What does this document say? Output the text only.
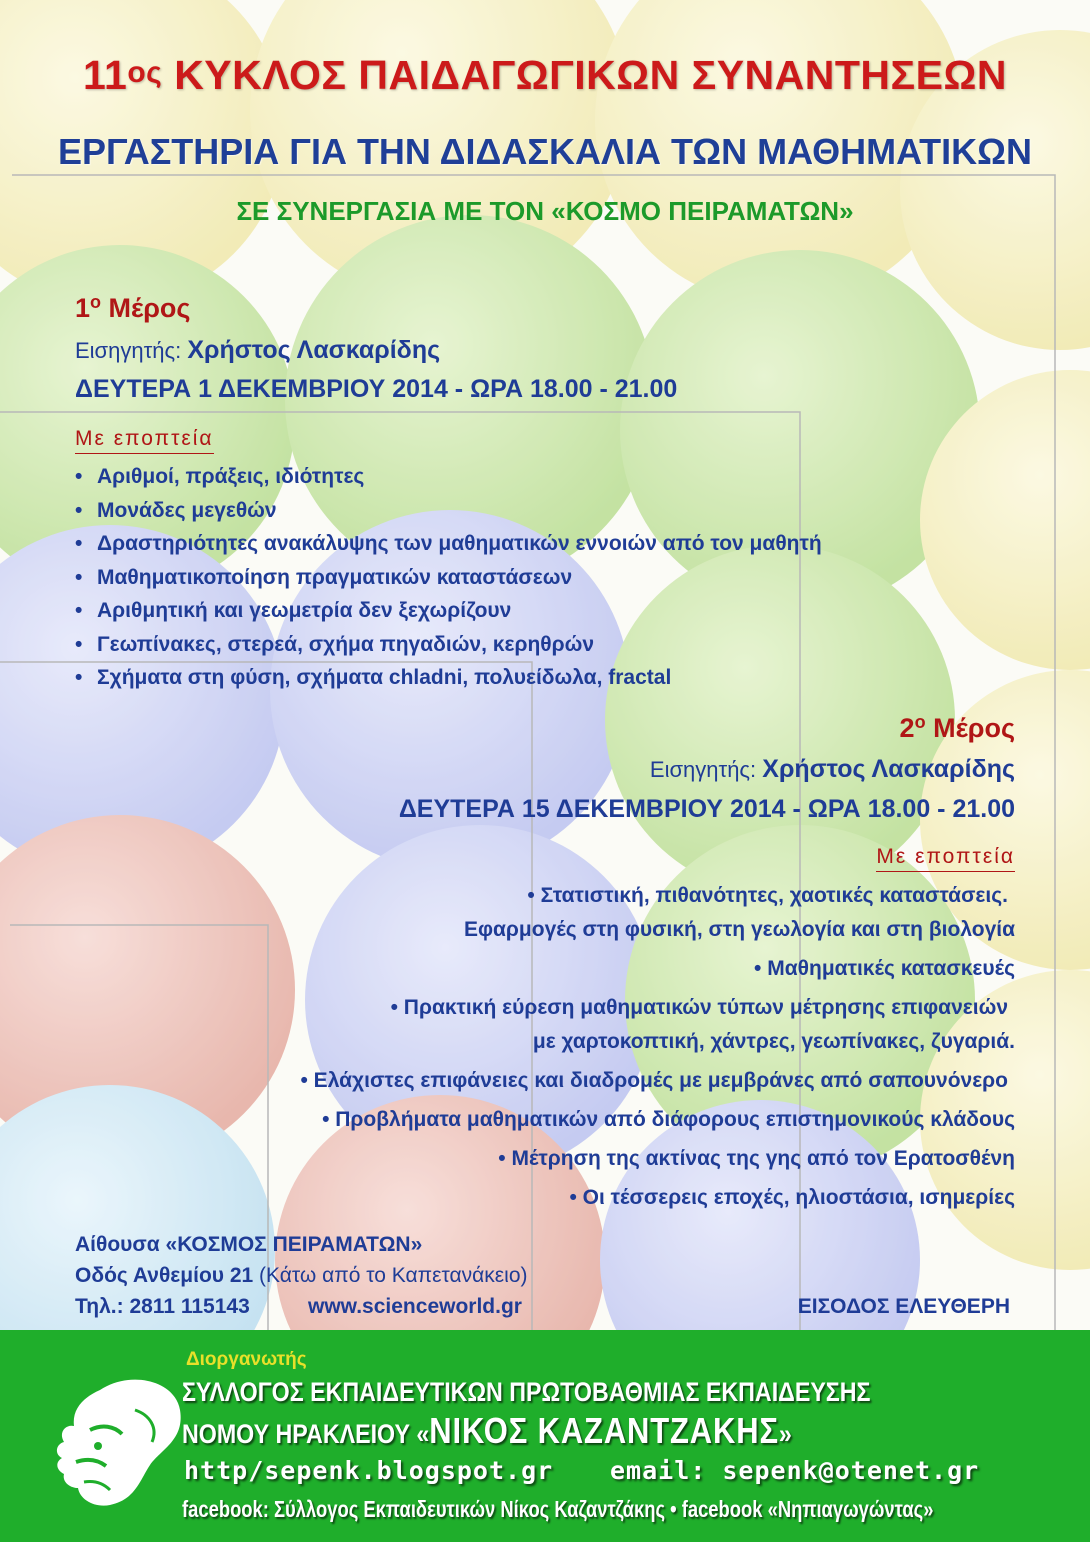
$11^{o\varsigma}$ ΚΥΚΛΟΣ ΠΑΙΔΑΓΩΓΙΚΩΝ ΣΥΝΑΝΤΗΣΕΩΝ
ΕΡΓΑΣΤΗΡΙΑ ΓΙΑ ΤΗΝ ΔΙΔΑΣΚΑΛΙΑ ΤΩΝ ΜΑΘΗΜΑΤΙΚΩΝ
ΣΕ ΣΥΝΕΡΓΑΣΙΑ ΜΕ ΤΟΝ «ΚΟΣΜΟ ΠΕΙΡΑΜΑΤΩΝ»
$1^o$ Μέρος
Εισηγητής: Χρήστος Λασκαρίδης
ΔΕΥΤΕΡΑ 1 ΔΕΚΕΜΒΡΙΟΥ 2014 - ΩΡΑ 18.00 - 21.00
Με εποπτεία
• Αριθμοί, πράξεις, ιδιότητες
• Μονάδες μεγεθών
• Δραστηριότητες ανακάλυψης των μαθηματικών εννοιών από τον μαθητή
• Μαθηματικοποίηση πραγματικών καταστάσεων
• Αριθμητική και γεωμετρία δεν ξεχωρίζουν
• Γεωπίνακες, στερεά, σχήμα πηγαδιών, κερηθρών
• Σχήματα στη φύση, σχήματα chladni, πολυείδωλα, fractal
$2^o$ Μέρος
Εισηγητής: Χρήστος Λασκαρίδης
ΔΕΥΤΕΡΑ 15 ΔΕΚΕΜΒΡΙΟΥ 2014 - ΩΡΑ 18.00 - 21.00
Με εποπτεία
• Στατιστική, πιθανότητες, χαοτικές καταστάσεις.
Εφαρμογές στη φυσική, στη γεωλογία και στη βιολογία
• Μαθηματικές κατασκευές
• Πρακτική εύρεση μαθηματικών τύπων μέτρησης επιφανειών
με χαρτοκοπτική, χάντρες, γεωπίνακες, ζυγαριά.
• Ελάχιστες επιφάνειες και διαδρομές με μεμβράνες από σαπουνόνερο
• Προβλήματα μαθηματικών από διάφορους επιστημονικούς κλάδους
• Μέτρηση της ακτίνας της γης από τον Ερατοσθένη
• Οι τέσσερεις εποχές, ηλιοστάσια, ισημερίες
Αίθουσα «ΚΟΣΜΟΣ ΠΕΙΡΑΜΑΤΩΝ»
Οδός Ανθεμίου 21 (Κάτω από το Καπετανάκειο)
Τηλ.: 2811 115143	www.scienceworld.gr	ΕΙΣΟΔΟΣ ΕΛΕΥΘΕΡΗ
Διοργανωτής
ΣΥΛΛΟΓΟΣ ΕΚΠΑΙΔΕΥΤΙΚΩΝ ΠΡΩΤΟΒΑΘΜΙΑΣ ΕΚΠΑΙΔΕΥΣΗΣ
ΝΟΜΟΥ ΗΡΑΚΛΕΙΟΥ «ΝΙΚΟΣ ΚΑΖΑΝΤΖΑΚΗΣ»
http/sepenk.blogspot.gr email: sepenk@otenet.gr
facebook: Σύλλογος Εκπαιδευτικών Νίκος Καζαντζάκης • facebook «Νηπιαγωγώντας»
